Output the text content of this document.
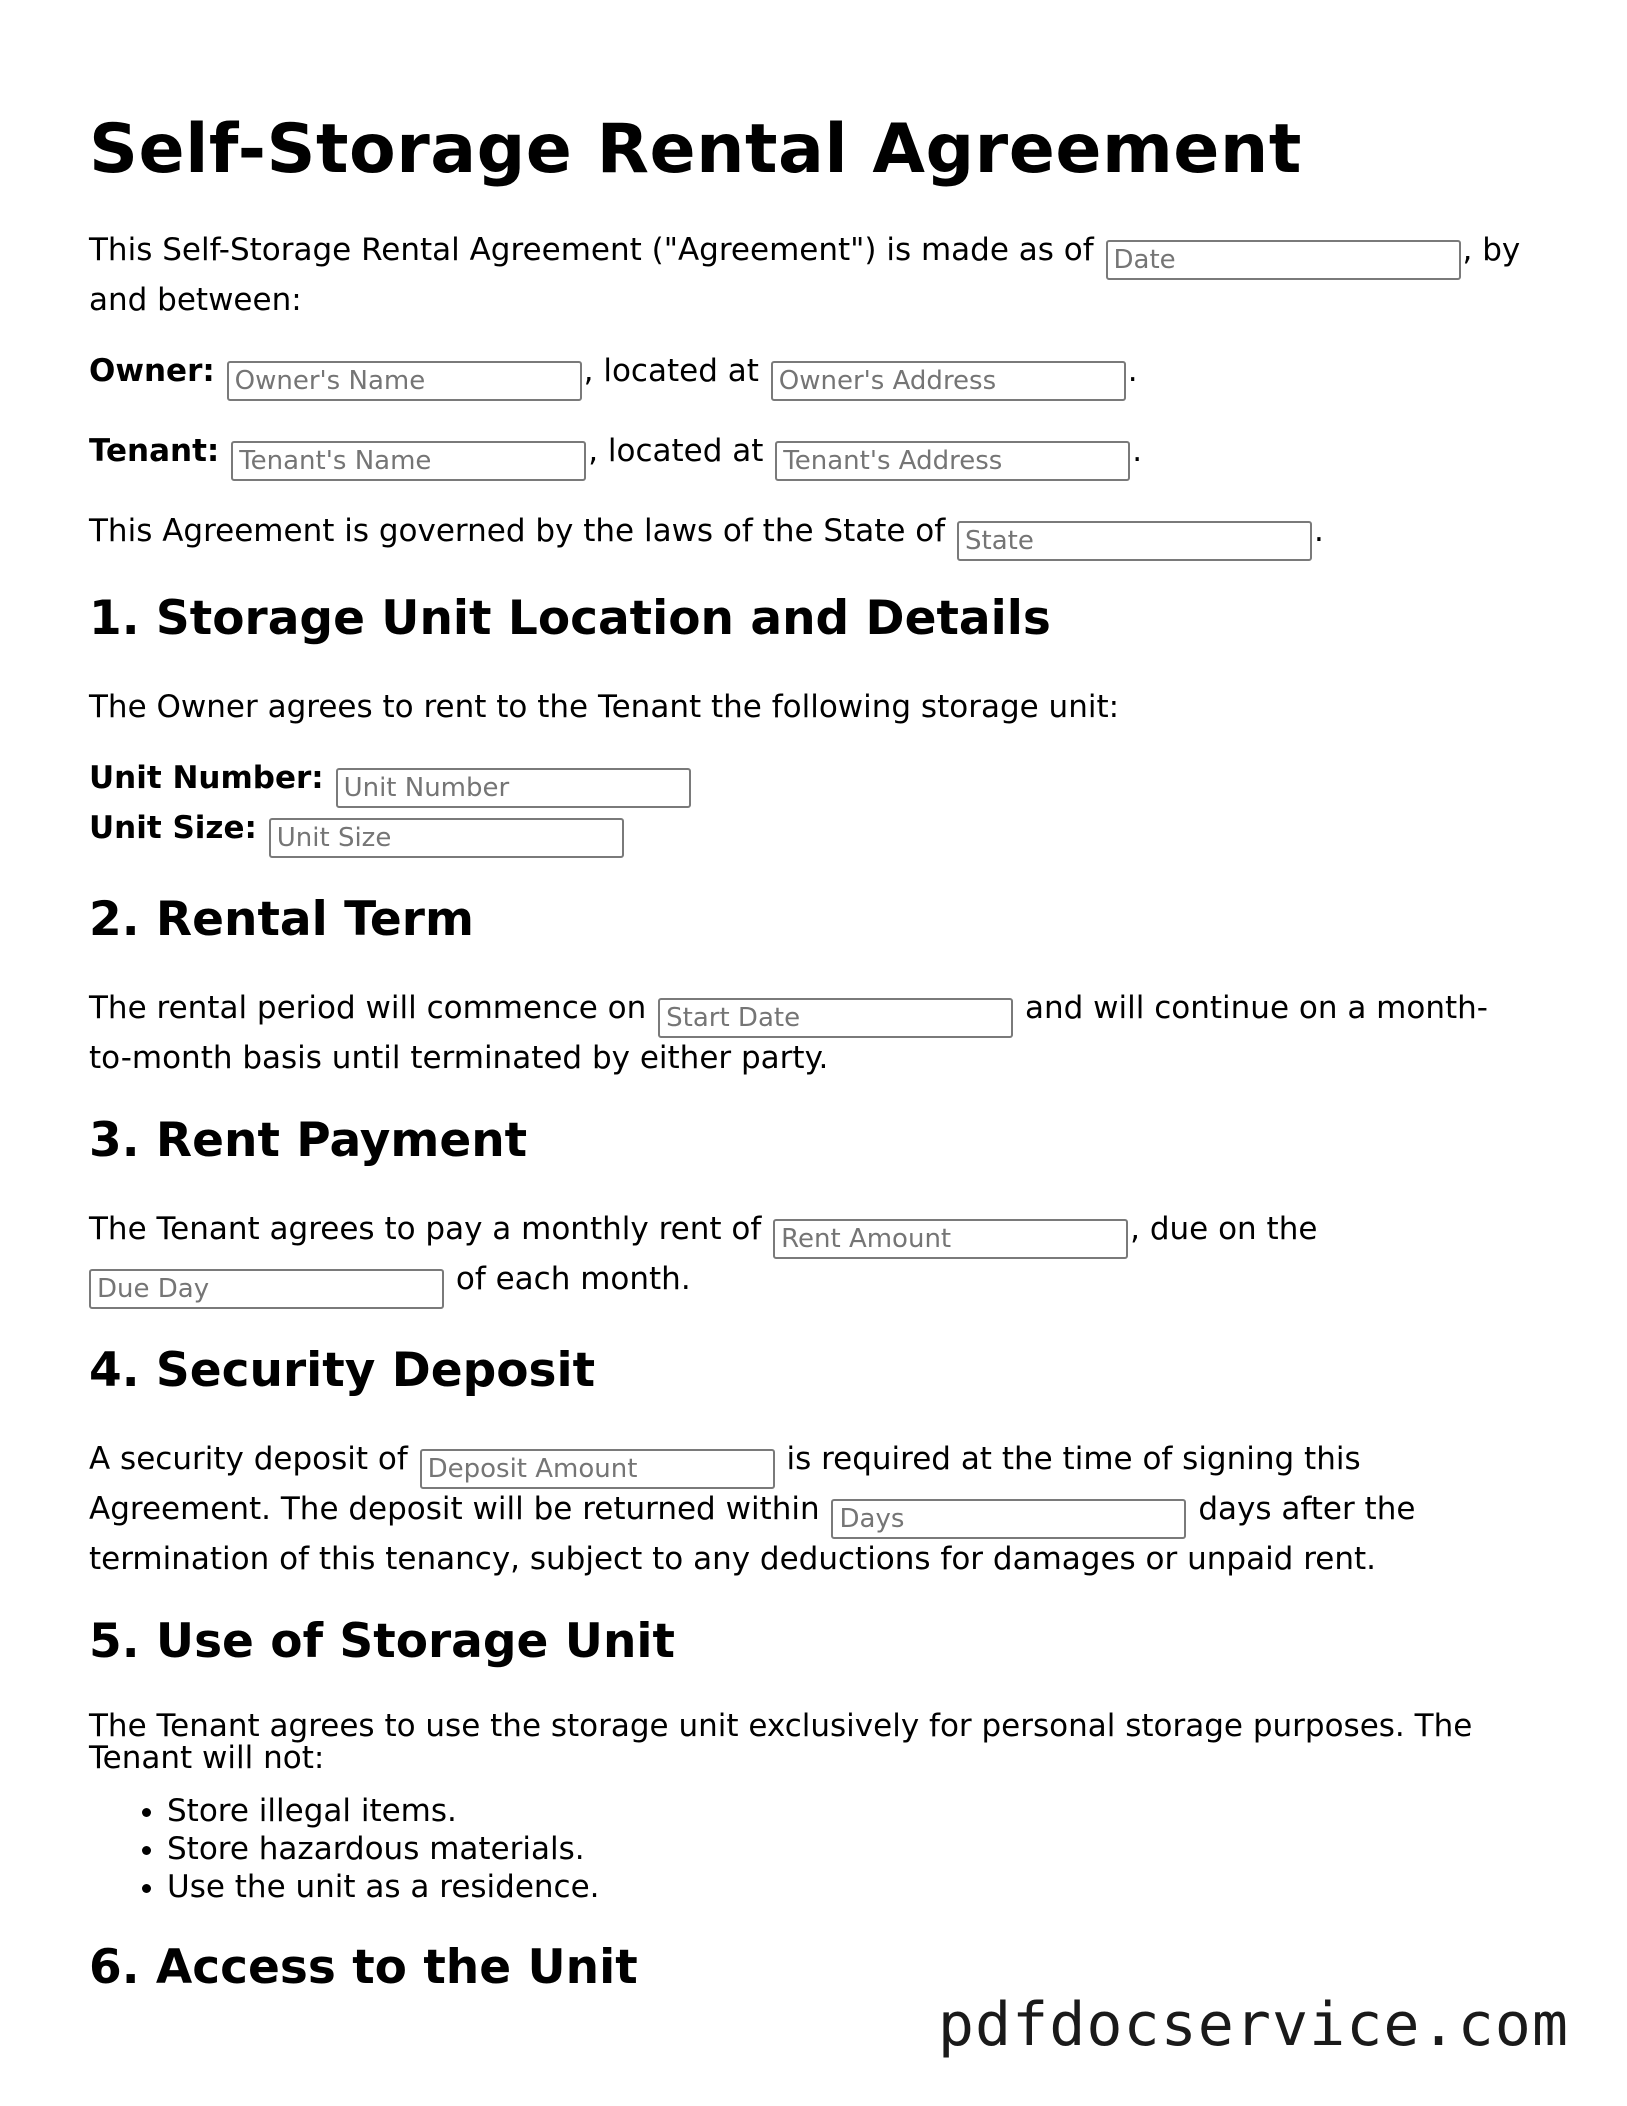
Self-Storage Rental Agreement

This Self-Storage Rental Agreement ("Agreement") is made as of Date	, by and between:

Owner: Owner's Name	, located at Owner's Address	.

Tenant: Tenant's Name	, located at Tenant's Address	.

This Agreement is governed by the laws of the State of State	.

1. Storage Unit Location and Details

The Owner agrees to rent to the Tenant the following storage unit:

Unit Number: Unit Number

Unit Size: Unit Size

2. Rental Term

The rental period will commence on Start Date	and will continue on a month-to-month basis until terminated by either party.

3. Rent Payment

The Tenant agrees to pay a monthly rent of Rent Amount	, due on the
Due Day of each month.

4. Security Deposit

A security deposit of Deposit Amount	is required at the time of signing this Agreement. The deposit will be returned within Days	days after the termination of this tenancy, subject to any deductions for damages or unpaid rent.

5. Use of Storage Unit

The Tenant agrees to use the storage unit exclusively for personal storage purposes. The Tenant will not:

• Store illegal items.
• Store hazardous materials.
• Use the unit as a residence.
6. Access to the Unit
pdfdocservice.com
